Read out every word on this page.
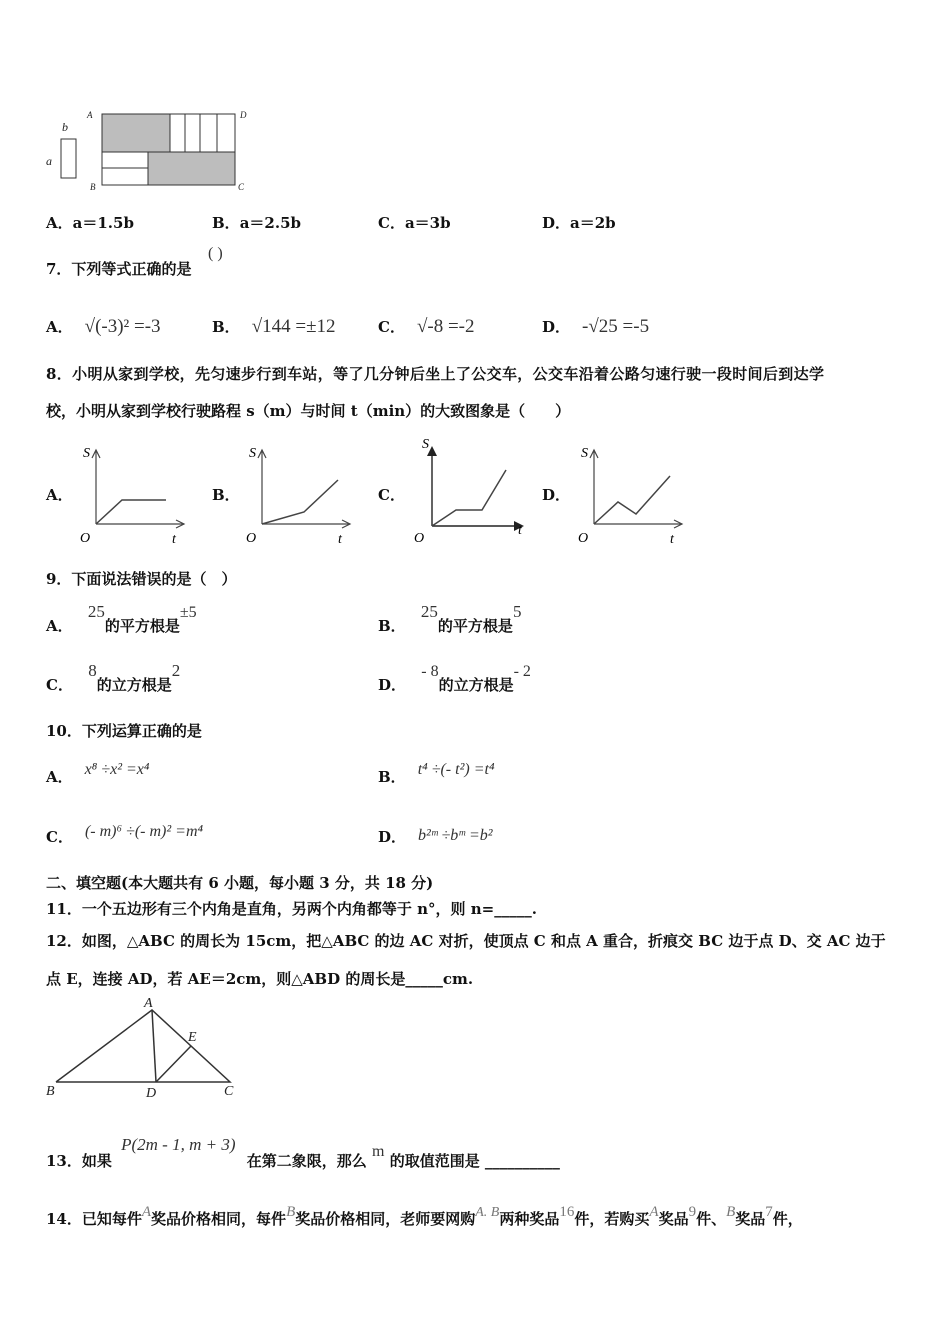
b
a
A	D
B	C
A．a＝1.5b	B．a＝2.5b	C．a＝3b	D．a＝2b
7．下列等式正确的是
( )
A． √(-3)² =-3	B． √144 =±12	C． √-8 =-2	D． -√25 =-5
8．小明从家到学校，先匀速步行到车站，等了几分钟后坐上了公交车，公交车沿着公路匀速行驶一段时间后到达学
校，小明从家到学校行驶路程 s（m）与时间 t（min）的大致图象是（　　）
A．
S
O	t
B．
S
O	t
C．
S
O
t
D．
S
O	t
9．下面说法错误的是（　）
A． 25的平方根是±5
B． 25的平方根是5
C． 8的立方根是2
D． - 8的立方根是- 2
10．下列运算正确的是
A． x⁸ ÷x² =x⁴	B． t⁴ ÷(- t²) =t⁴
C． (- m)⁶ ÷(- m)² =m⁴	D． b²ᵐ ÷bᵐ =b²
二、填空题(本大题共有 6 小题，每小题 3 分，共 18 分)
11．一个五边形有三个内角是直角，另两个内角都等于 n°，则 n=_____.
12．如图，△ABC 的周长为 15cm，把△ABC 的边 AC 对折，使顶点 C 和点 A 重合，折痕交 BC 边于点 D、交 AC 边于
点 E，连接 AD，若 AE＝2cm，则△ABD 的周长是_____cm.
A
E
B	D	C
13．如果 P(2m - 1, m + 3) 在第二象限，那么 m 的取值范围是 __________
14．已知每件A奖品价格相同，每件B奖品价格相同，老师要网购A. B两种奖品16件，若购买A奖品9件、B奖品7件，
